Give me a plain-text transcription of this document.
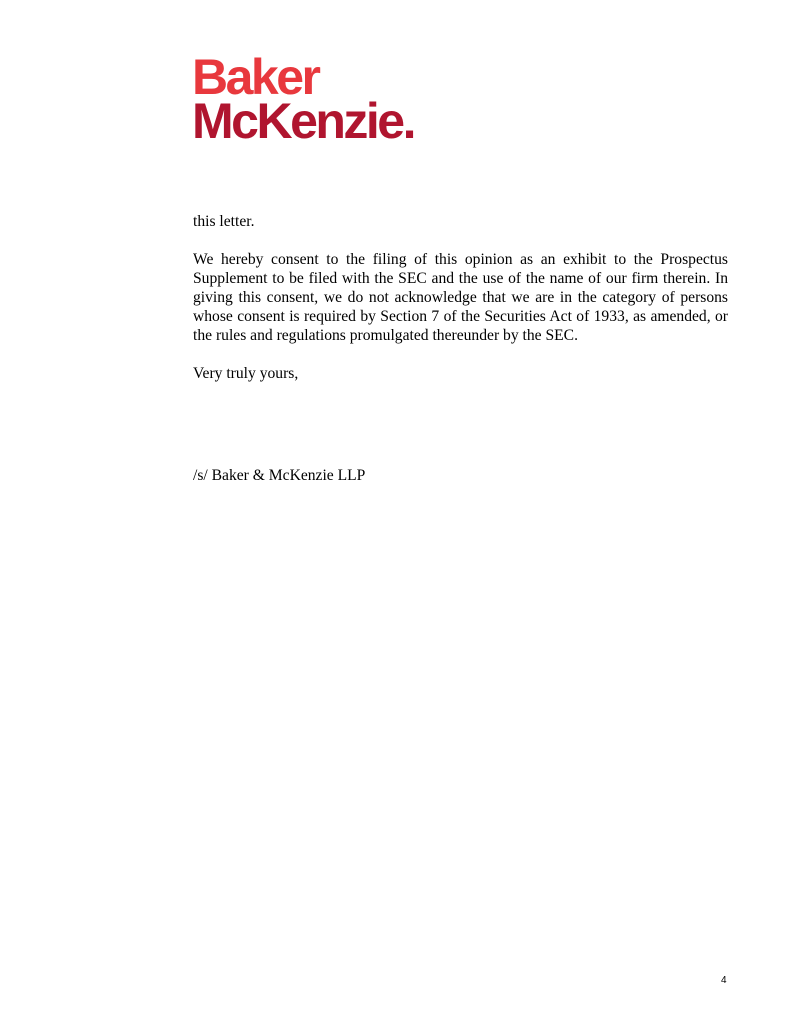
Baker
McKenzie.

this letter.

We hereby consent to the filing of this opinion as an exhibit to the Prospectus Supplement to be filed with the SEC and the use of the name of our firm therein. In giving this consent, we do not acknowledge that we are in the category of persons whose consent is required by Section 7 of the Securities Act of 1933, as amended, or the rules and regulations promulgated thereunder by the SEC.

Very truly yours,

/s/ Baker & McKenzie LLP

4
